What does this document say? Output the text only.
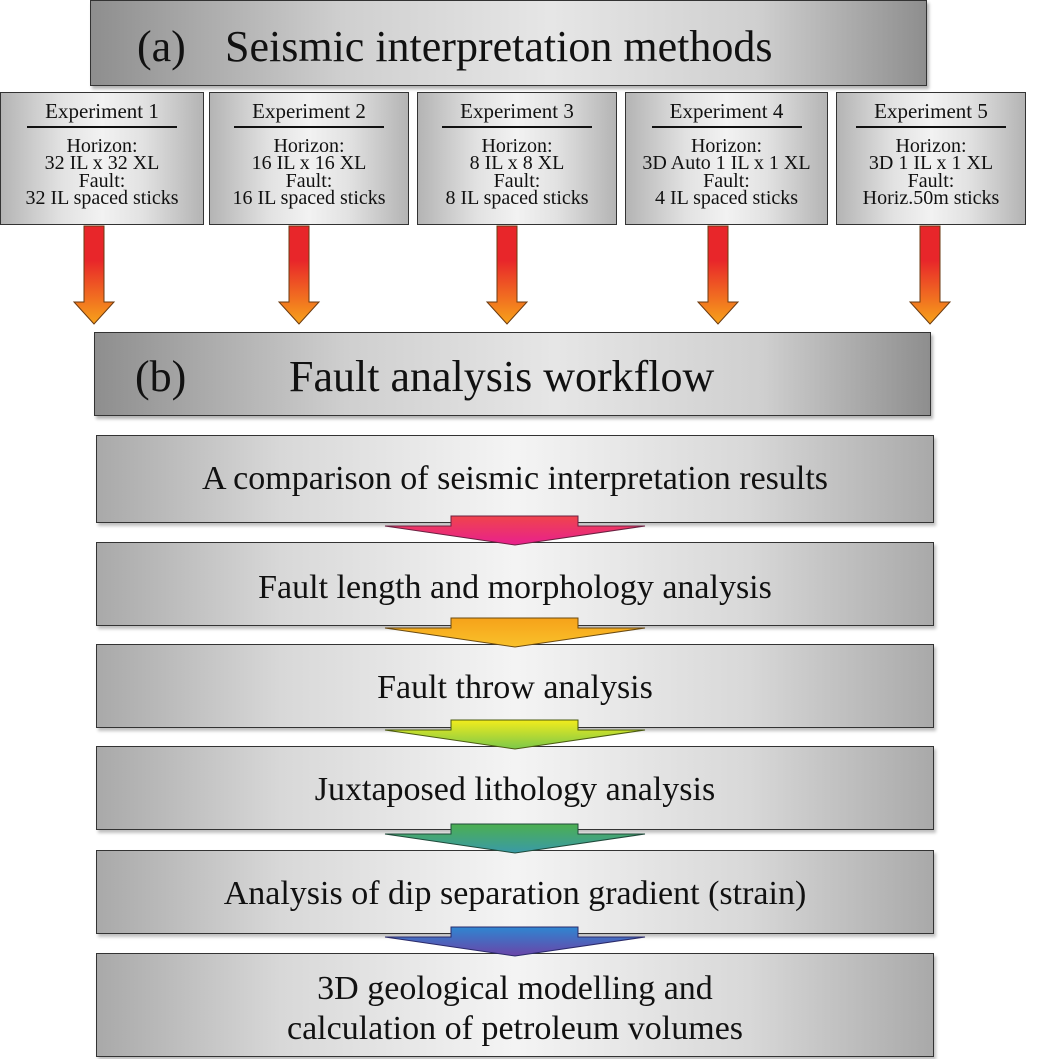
(a) Seismic interpretation methods
Experiment 1
Horizon:
32 IL x 32 XL
Fault:
32 IL spaced sticks
Experiment 2
Horizon:
16 IL x 16 XL
Fault:
16 IL spaced sticks
Experiment 3
Horizon:
8 IL x 8 XL
Fault:
8 IL spaced sticks
Experiment 4
Horizon:
3D Auto 1 IL x 1 XL
Fault:
4 IL spaced sticks
Experiment 5
Horizon:
3D 1 IL x 1 XL
Fault:
Horiz.50m sticks
(b) Fault analysis workflow
A comparison of seismic interpretation results
Fault length and morphology analysis
Fault throw analysis
Juxtaposed lithology analysis
Analysis of dip separation gradient (strain)
3D geological modelling and
calculation of petroleum volumes
